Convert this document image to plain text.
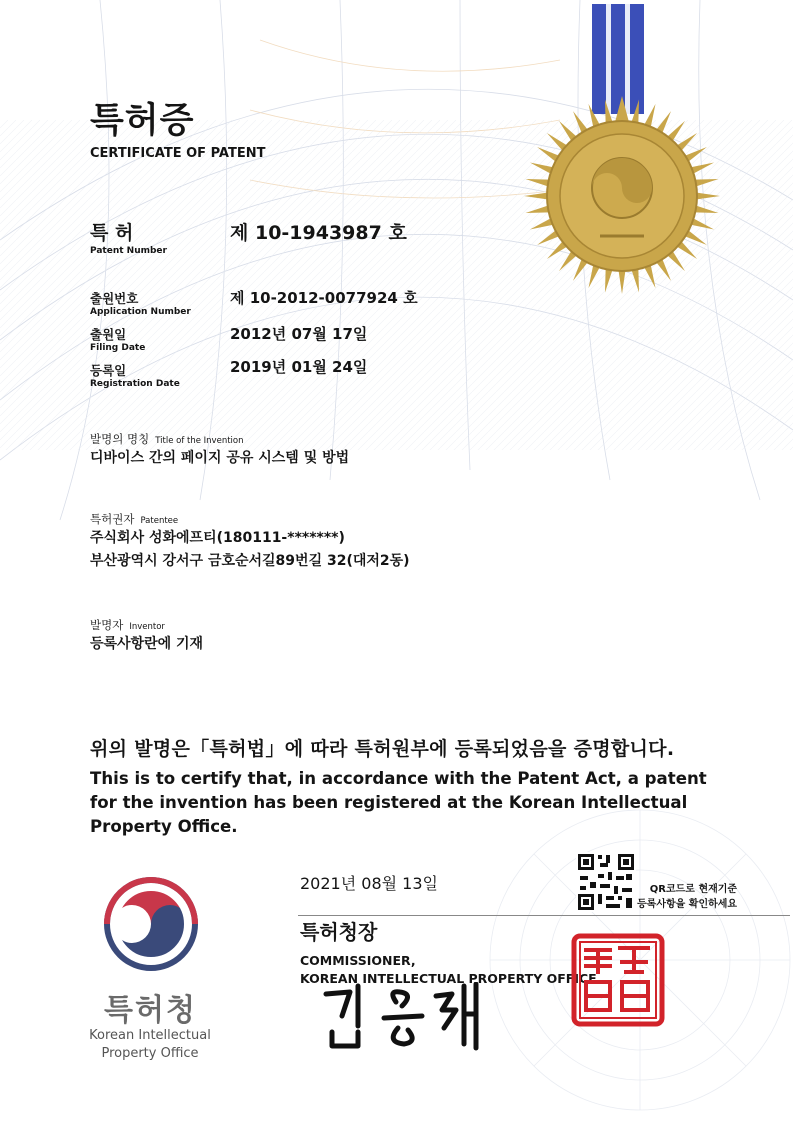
특허증
CERTIFICATE OF PATENT
특 허
Patent Number
제 10-1943987 호
출원번호
Application Number
제 10-2012-0077924 호
출원일
Filing Date
2012년 07월 17일
등록일
Registration Date
2019년 01월 24일
발명의 명칭 Title of the Invention
디바이스 간의 페이지 공유 시스템 및 방법
특허권자 Patentee
주식회사 성화에프티(180111-*******)
부산광역시 강서구 금호순서길89번길 32(대저2동)
발명자 Inventor
등록사항란에 기재
위의 발명은「특허법」에 따라 특허원부에 등록되었음을 증명합니다.
This is to certify that, in accordance with the Patent Act, a patent for the invention has been registered at the Korean Intellectual Property Office.
2021년 08월 13일	QR코드로 현재기준
등록사항을 확인하세요
특허청장
COMMISSIONER,
KOREAN INTELLECTUAL PROPERTY OFFICE
특허청
Korean Intellectual Property Office
